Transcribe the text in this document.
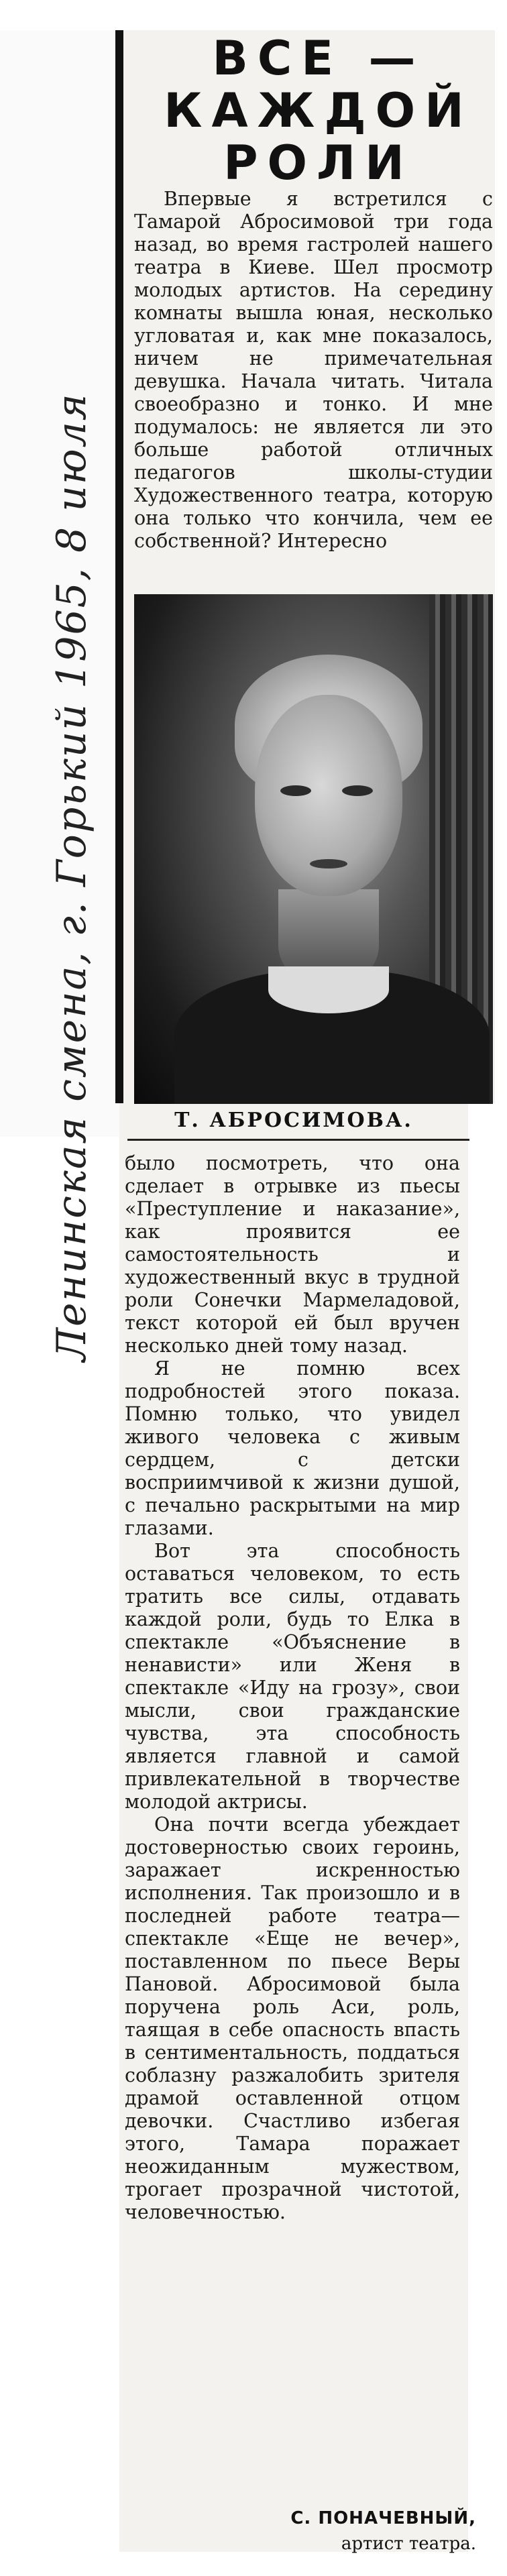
Ленинская смена, г. Горький 1965, 8 июля
ВСЕ —
КАЖДОЙ
РОЛИ

Впервые я встретился с Тамарой Абросимовой три года назад, во время гастролей нашего театра в Киеве. Шел просмотр молодых артистов. На середину комнаты вышла юная, несколько угловатая и, как мне показалось, ничем не примечательная девушка. Начала читать. Читала своеобразно и тонко. И мне подумалось: не является ли это больше работой отличных педагогов школы-студии Художественного театра, которую она только что кончила, чем ее собственной? Интересно

Т. АБРОСИМОВА.

было посмотреть, что она сделает в отрывке из пьесы «Преступление и наказание», как проявится ее самостоятельность и художественный вкус в трудной роли Сонечки Мармеладовой, текст которой ей был вручен несколько дней тому назад.

Я не помню всех подробностей этого показа. Помню только, что увидел живого человека с живым сердцем, с детски восприимчивой к жизни душой, с печально раскрытыми на мир глазами.

Вот эта способность оставаться человеком, то есть тратить все силы, отдавать каждой роли, будь то Елка в спектакле «Объяснение в ненависти» или Женя в спектакле «Иду на грозу», свои мысли, свои гражданские чувства, эта способность является главной и самой привлекательной в творчестве молодой актрисы.

Она почти всегда убеждает достоверностью своих героинь, заражает искренностью исполнения. Так произошло и в последней работе театра—спектакле «Еще не вечер», поставленном по пьесе Веры Пановой. Абросимовой была поручена роль Аси, роль, таящая в себе опасность впасть в сентиментальность, поддаться соблазну разжалобить зрителя драмой оставленной отцом девочки. Счастливо избегая этого, Тамара поражает неожиданным мужеством, трогает прозрачной чистотой, человечностью.

С. ПОНАЧЕВНЫЙ,
артист театра.
